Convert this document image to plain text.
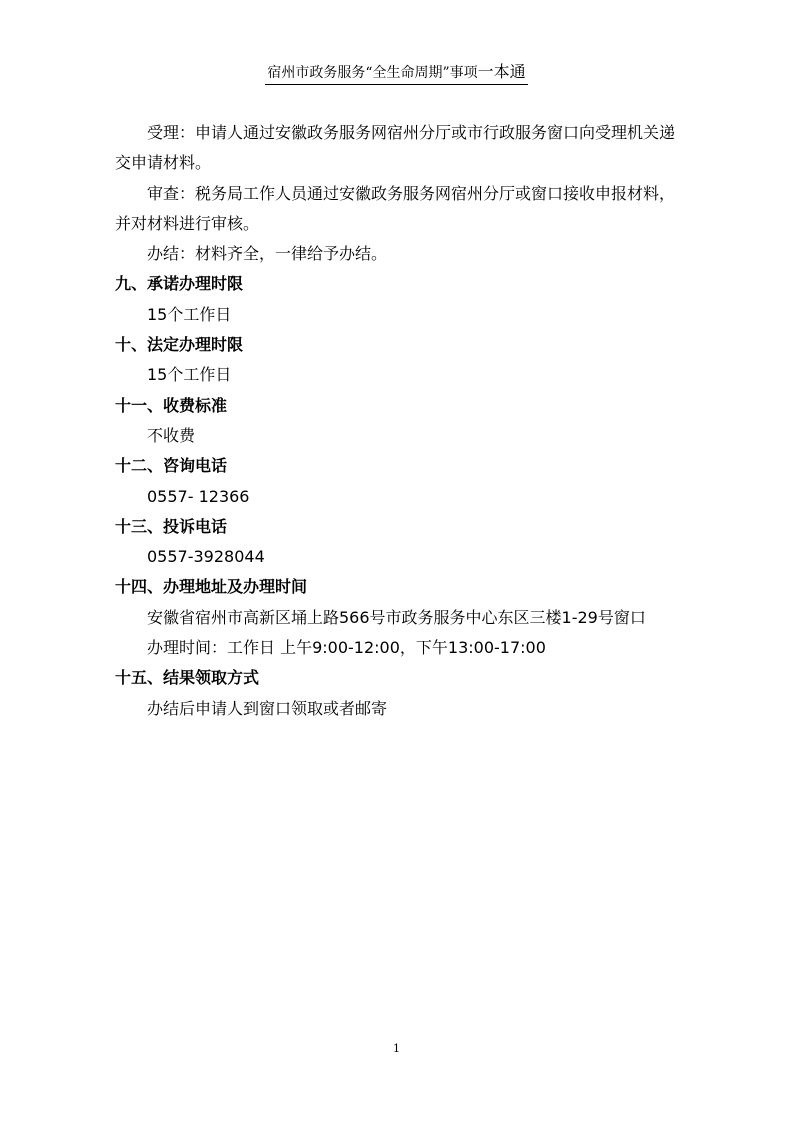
宿州市政务服务“全生命周期”事项一本通

受理：申请人通过安徽政务服务网宿州分厅或市行政服务窗口向受理机关递交申请材料。

审查：税务局工作人员通过安徽政务服务网宿州分厅或窗口接收申报材料，并对材料进行审核。

办结：材料齐全，一律给予办结。

九、承诺办理时限

15个工作日

十、法定办理时限

15个工作日

十一、收费标准

不收费

十二、咨询电话

0557- 12366

十三、投诉电话

0557-3928044

十四、办理地址及办理时间

安徽省宿州市高新区埇上路566号市政务服务中心东区三楼1-29号窗口

办理时间：工作日 上午9:00-12:00，下午13:00-17:00

十五、结果领取方式

办结后申请人到窗口领取或者邮寄

1
